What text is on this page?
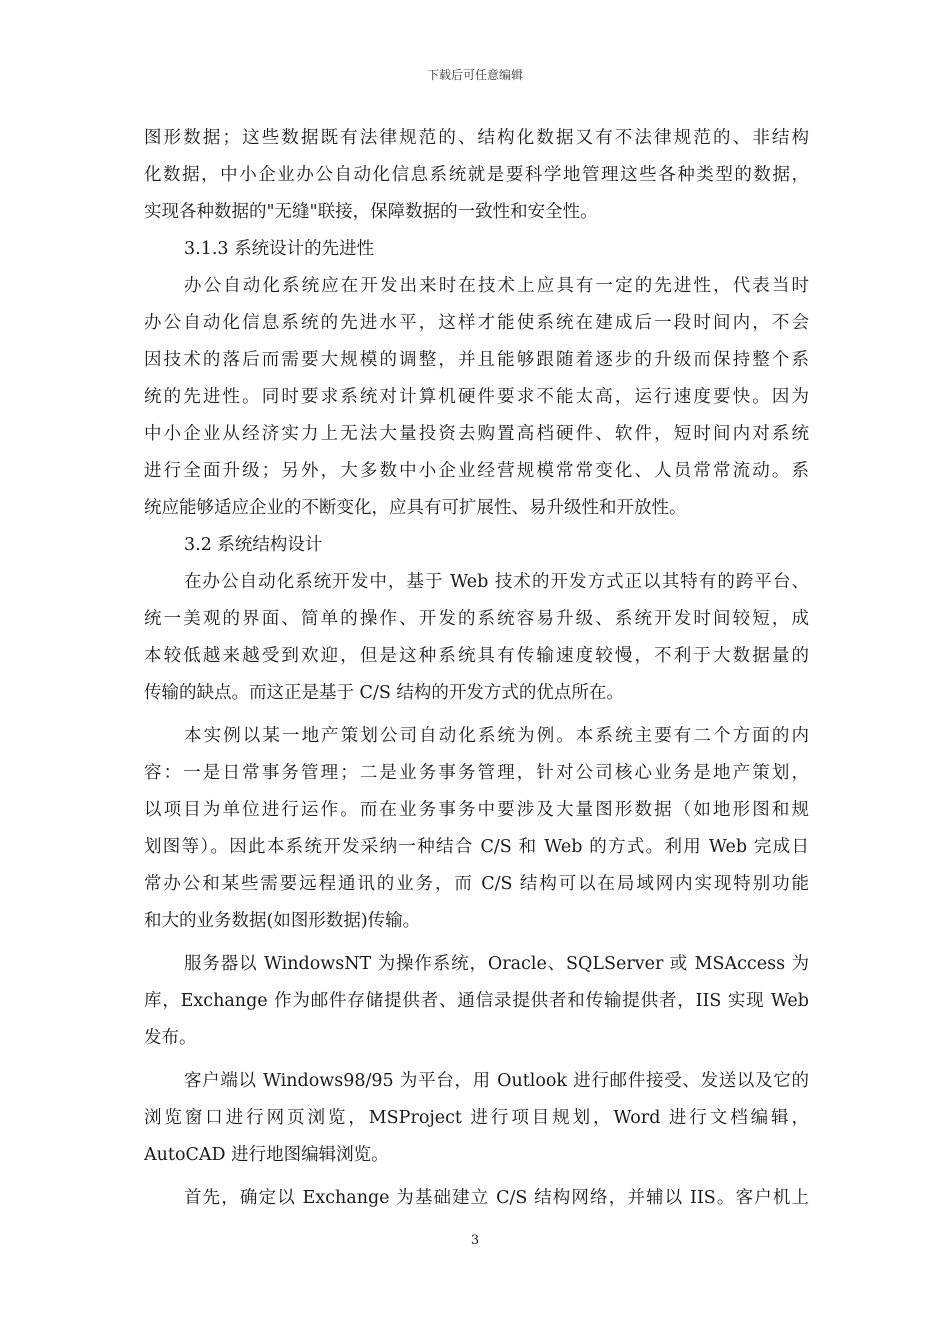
下载后可任意编辑
图形数据；这些数据既有法律规范的、结构化数据又有不法律规范的、非结构
化数据，中小企业办公自动化信息系统就是要科学地管理这些各种类型的数据，
实现各种数据的"无缝"联接，保障数据的一致性和安全性。
3.1.3 系统设计的先进性
办公自动化系统应在开发出来时在技术上应具有一定的先进性，代表当时
办公自动化信息系统的先进水平，这样才能使系统在建成后一段时间内，不会
因技术的落后而需要大规模的调整，并且能够跟随着逐步的升级而保持整个系
统的先进性。同时要求系统对计算机硬件要求不能太高，运行速度要快。因为
中小企业从经济实力上无法大量投资去购置高档硬件、软件，短时间内对系统
进行全面升级；另外，大多数中小企业经营规模常常变化、人员常常流动。系
统应能够适应企业的不断变化，应具有可扩展性、易升级性和开放性。
3.2 系统结构设计
在办公自动化系统开发中，基于 Web 技术的开发方式正以其特有的跨平台、
统一美观的界面、简单的操作、开发的系统容易升级、系统开发时间较短，成
本较低越来越受到欢迎，但是这种系统具有传输速度较慢，不利于大数据量的
传输的缺点。而这正是基于 C/S 结构的开发方式的优点所在。
本实例以某一地产策划公司自动化系统为例。本系统主要有二个方面的内
容：一是日常事务管理；二是业务事务管理，针对公司核心业务是地产策划，
以项目为单位进行运作。而在业务事务中要涉及大量图形数据（如地形图和规
划图等）。因此本系统开发采纳一种结合 C/S 和 Web 的方式。利用 Web 完成日
常办公和某些需要远程通讯的业务，而 C/S 结构可以在局域网内实现特别功能
和大的业务数据(如图形数据)传输。
服务器以 WindowsNT 为操作系统，Oracle、SQLServer 或 MSAccess 为
库，Exchange 作为邮件存储提供者、通信录提供者和传输提供者，IIS 实现 Web
发布。
客户端以 Windows98/95 为平台，用 Outlook 进行邮件接受、发送以及它的
浏览窗口进行网页浏览，MSProject 进行项目规划，Word 进行文档编辑，
AutoCAD 进行地图编辑浏览。
首先，确定以 Exchange 为基础建立 C/S 结构网络，并辅以 IIS。客户机上
3
